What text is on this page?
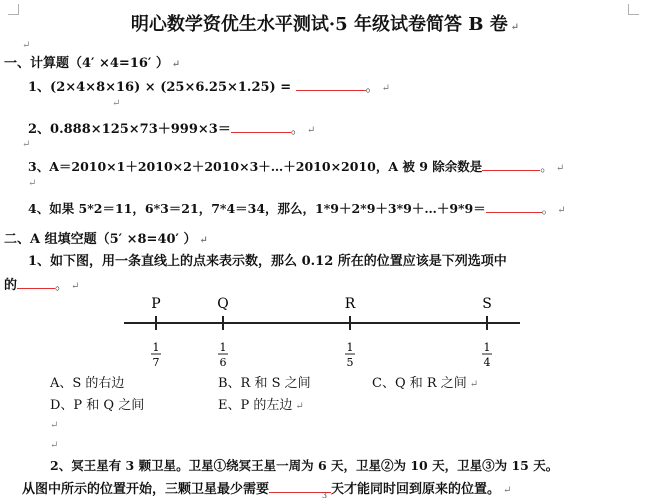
明心数学资优生水平测试·5 年级试卷简答 B 卷 ↵
↵
一、计算题（4′ ×4=16′ ） ↵
1、(2×4×8×16) × (25×6.25×1.25) =	。 ↵
↵
2、0.888×125×73＋999×3＝	。 ↵
↵
3、A＝2010×1＋2010×2＋2010×3＋…＋2010×2010，A 被 9 除余数是	。 ↵
↵
4、如果 5*2＝11，6*3＝21，7*4＝34，那么，1*9＋2*9＋3*9＋…＋9*9＝	。 ↵
二、A 组填空题（5′ ×8=40′ ） ↵
1、如下图，用一条直线上的点来表示数，那么 0.12 所在的位置应该是下列选项中
的	。 ↵
P
1
7
Q
1
6
R
1
5
S
1
4
A、S 的右边	B、R 和 S 之间	C、Q 和 R 之间 ↵
D、P 和 Q 之间	E、P 的左边 ↵
↵
↵
2、冥王星有 3 颗卫星。卫星①绕冥王星一周为 6 天，卫星②为 10 天，卫星③为 15 天。
从图中所示的位置开始，三颗卫星最少需要	天才能同时回到原来的位置。 ↵
3
